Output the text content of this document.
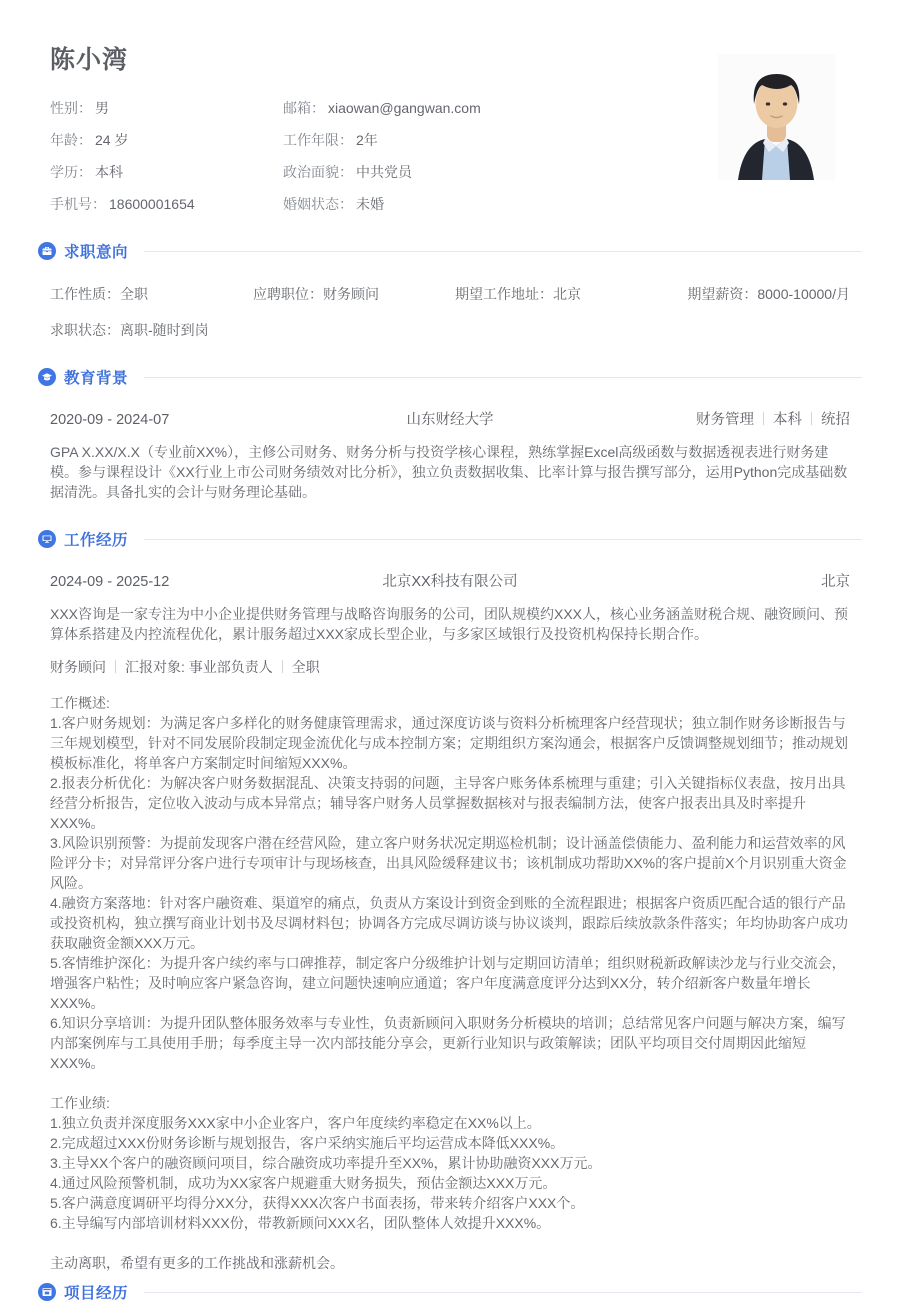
陈小湾
性别： 男	邮箱： xiaowan@gangwan.com
年龄： 24 岁	工作年限： 2年
学历： 本科	政治面貌： 中共党员
手机号： 18600001654	婚姻状态： 未婚
求职意向
工作性质：全职	应聘职位：财务顾问	期望工作地址：北京	期望薪资：8000-10000/月
求职状态：离职-随时到岗
教育背景
2020-09 - 2024-07	山东财经大学	财务管理 本科 统招

GPA X.XX/X.X（专业前XX%），主修公司财务、财务分析与投资学核心课程，熟练掌握Excel高级函数与数据透视表进行财务建模。参与课程设计《XX行业上市公司财务绩效对比分析》，独立负责数据收集、比率计算与报告撰写部分，运用Python完成基础数据清洗。具备扎实的会计与财务理论基础。

工作经历
2024-09 - 2025-12	北京XX科技有限公司	北京

XXX咨询是一家专注为中小企业提供财务管理与战略咨询服务的公司，团队规模约XXX人，核心业务涵盖财税合规、融资顾问、预算体系搭建及内控流程优化，累计服务超过XXX家成长型企业，与多家区域银行及投资机构保持长期合作。

财务顾问 汇报对象: 事业部负责人 全职
工作概述:
1.客户财务规划：为满足客户多样化的财务健康管理需求，通过深度访谈与资料分析梳理客户经营现状；独立制作财务诊断报告与三年规划模型，针对不同发展阶段制定现金流优化与成本控制方案；定期组织方案沟通会，根据客户反馈调整规划细节；推动规划模板标准化，将单客户方案制定时间缩短XXX%。
2.报表分析优化：为解决客户财务数据混乱、决策支持弱的问题，主导客户账务体系梳理与重建；引入关键指标仪表盘，按月出具经营分析报告，定位收入波动与成本异常点；辅导客户财务人员掌握数据核对与报表编制方法，使客户报表出具及时率提升XXX%。
3.风险识别预警：为提前发现客户潜在经营风险，建立客户财务状况定期巡检机制；设计涵盖偿债能力、盈利能力和运营效率的风险评分卡；对异常评分客户进行专项审计与现场核查，出具风险缓释建议书；该机制成功帮助XX%的客户提前X个月识别重大资金风险。
4.融资方案落地：针对客户融资难、渠道窄的痛点，负责从方案设计到资金到账的全流程跟进；根据客户资质匹配合适的银行产品或投资机构，独立撰写商业计划书及尽调材料包；协调各方完成尽调访谈与协议谈判，跟踪后续放款条件落实；年均协助客户成功获取融资金额XXX万元。
5.客情维护深化：为提升客户续约率与口碑推荐，制定客户分级维护计划与定期回访清单；组织财税新政解读沙龙与行业交流会，增强客户粘性；及时响应客户紧急咨询，建立问题快速响应通道；客户年度满意度评分达到XX分，转介绍新客户数量年增长XXX%。
6.知识分享培训：为提升团队整体服务效率与专业性，负责新顾问入职财务分析模块的培训；总结常见客户问题与解决方案，编写内部案例库与工具使用手册；每季度主导一次内部技能分享会，更新行业知识与政策解读；团队平均项目交付周期因此缩短XXX%。
工作业绩:
1.独立负责并深度服务XXX家中小企业客户，客户年度续约率稳定在XX%以上。
2.完成超过XXX份财务诊断与规划报告，客户采纳实施后平均运营成本降低XXX%。
3.主导XX个客户的融资顾问项目，综合融资成功率提升至XX%，累计协助融资XXX万元。
4.通过风险预警机制，成功为XX家客户规避重大财务损失，预估金额达XXX万元。
5.客户满意度调研平均得分XX分，获得XXX次客户书面表扬，带来转介绍客户XXX个。
6.主导编写内部培训材料XXX份，带教新顾问XXX名，团队整体人效提升XXX%。
主动离职，希望有更多的工作挑战和涨薪机会。
项目经历
